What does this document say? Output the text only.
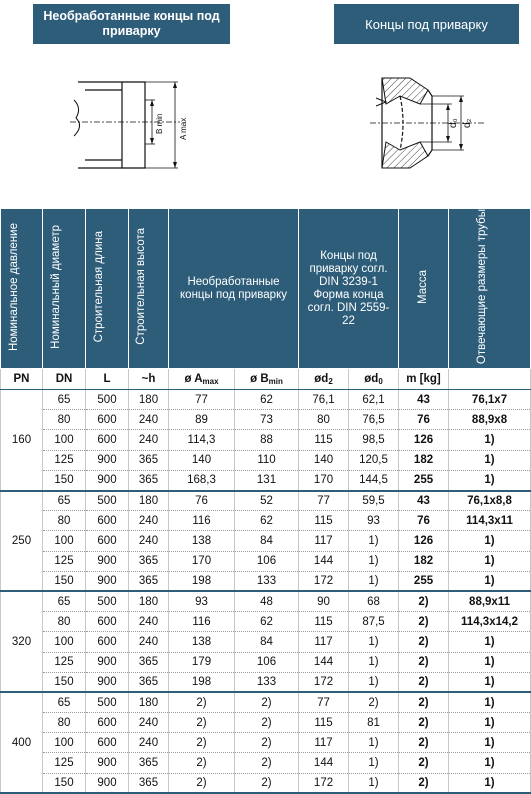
Необработанные концы под приварку	Концы под приварку
B min A max	d₀ d₂
Номинальное давление	Номинальный диаметр	Строительная длина	Строительная высота	Необработанные концы под приварку		Концы под приварку согл. DIN 3239-1 Форма конца согл. DIN 2559-22		Масса	Отвечающие размеры трубы
PN	DN	L	~h	ø $A_{max}$	ø $B_{min}$	$ød_2$	$ød_0$	m [kg]	
160	65	500	180	77	62	76,1	62,1	43	76,1x7
	80	600	240	89	73	80	76,5	76	88,9x8
	100	600	240	114,3	88	115	98,5	126	1)
	125	900	365	140	110	140	120,5	182	1)
	150	900	365	168,3	131	170	144,5	255	1)
250	65	500	180	76	52	77	59,5	43	76,1x8,8
	80	600	240	116	62	115	93	76	114,3x11
	100	600	240	138	84	117	1)	126	1)
	125	900	365	170	106	144	1)	182	1)
	150	900	365	198	133	172	1)	255	1)
320	65	500	180	93	48	90	68	2)	88,9x11
	80	600	240	116	62	115	87,5	2)	114,3x14,2
	100	600	240	138	84	117	1)	2)	1)
	125	900	365	179	106	144	1)	2)	1)
	150	900	365	198	133	172	1)	2)	1)
400	65	500	180	2)	2)	77	2)	2)	1)
	80	600	240	2)	2)	115	81	2)	1)
	100	600	240	2)	2)	117	1)	2)	1)
	125	900	365	2)	2)	144	1)	2)	1)
	150	900	365	2)	2)	172	1)	2)	1)
